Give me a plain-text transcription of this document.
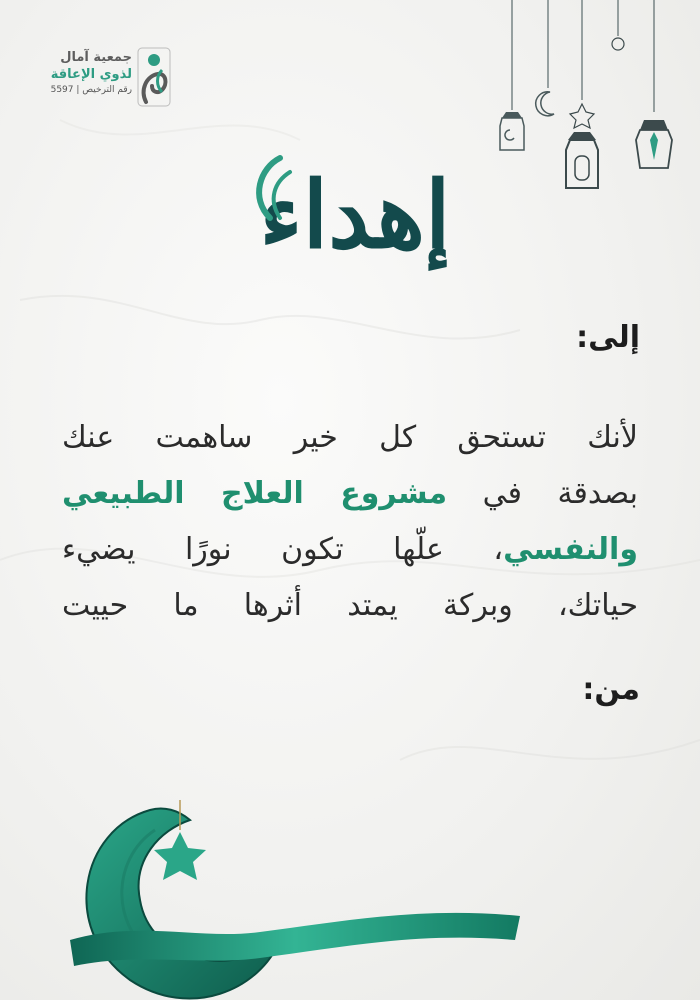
جمعية آمال
لذوي الإعاقة
رقم الترخيص | 5597
إهداء
إلى:
لأنك تستحق كل خير ساهمت عنك
بصدقة في مشروع العلاج الطبيعي
والنفسي، علّها تكون نورًا يضيء
حياتك، وبركة يمتد أثرها ما حييت
من:
